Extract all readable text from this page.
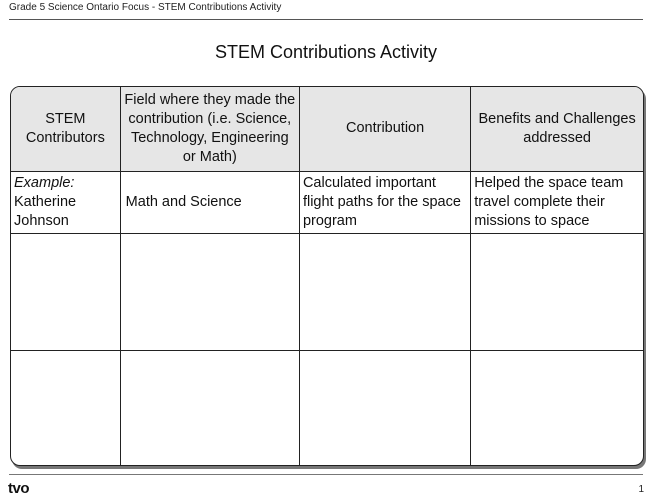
Grade 5 Science Ontario Focus - STEM Contributions Activity
STEM Contributions Activity
STEM
Contributors	Field where they made the contribution (i.e. Science, Technology, Engineering or Math)	Contribution	Benefits and Challenges addressed

Example:
Katherine Johnson	Math and Science	Calculated important flight paths for the space program	Helped the space team travel complete their missions to space

tvo	1
